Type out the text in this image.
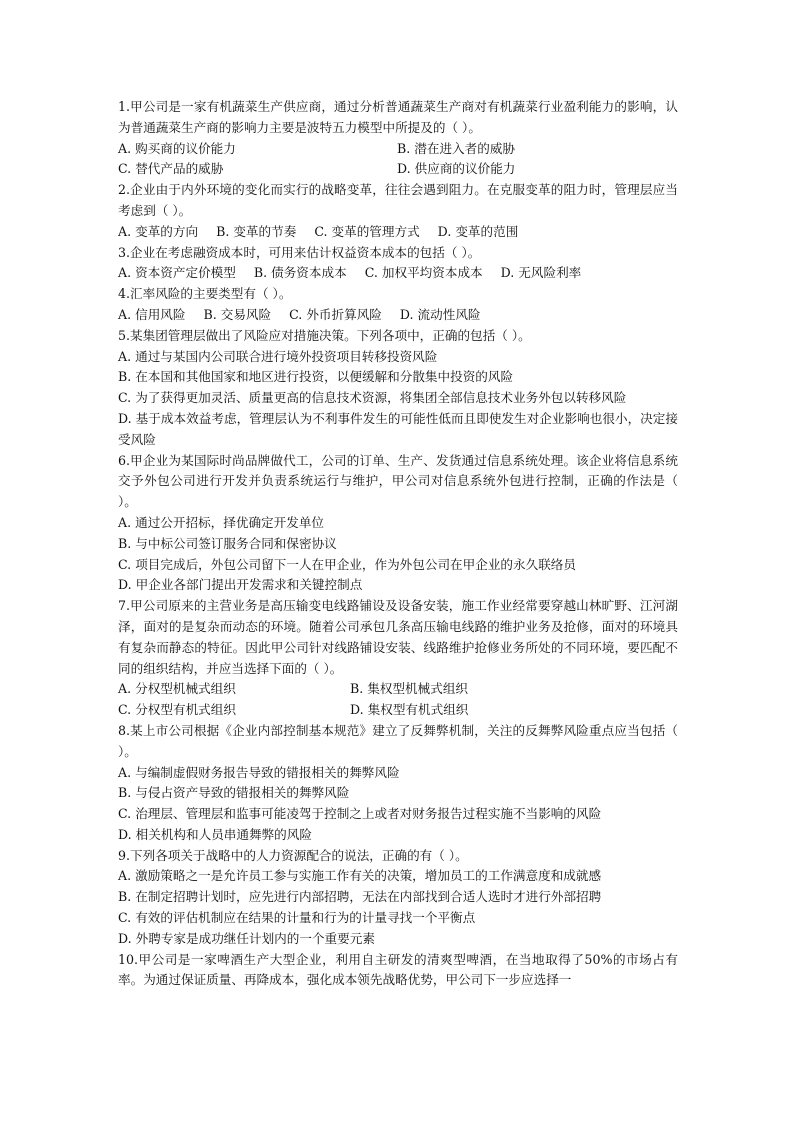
1.甲公司是一家有机蔬菜生产供应商，通过分析普通蔬菜生产商对有机蔬菜行业盈利能力的影响，认为普通蔬菜生产商的影响力主要是波特五力模型中所提及的（ ）。

A. 购买商的议价能力	B. 潜在进入者的威胁
C. 替代产品的威胁	D. 供应商的议价能力

2.企业由于内外环境的变化而实行的战略变革，往往会遇到阻力。在克服变革的阻力时，管理层应当考虑到（ ）。

A. 变革的方向 B. 变革的节奏 C. 变革的管理方式 D. 变革的范围

3.企业在考虑融资成本时，可用来估计权益资本成本的包括（ ）。

A. 资本资产定价模型 B. 债务资本成本 C. 加权平均资本成本 D. 无风险利率

4.汇率风险的主要类型有（ ）。

A. 信用风险 B. 交易风险 C. 外币折算风险 D. 流动性风险

5.某集团管理层做出了风险应对措施决策。下列各项中，正确的包括（ ）。

A. 通过与某国内公司联合进行境外投资项目转移投资风险

B. 在本国和其他国家和地区进行投资，以便缓解和分散集中投资的风险

C. 为了获得更加灵活、质量更高的信息技术资源，将集团全部信息技术业务外包以转移风险

D. 基于成本效益考虑，管理层认为不利事件发生的可能性低而且即使发生对企业影响也很小，决定接受风险

6.甲企业为某国际时尚品牌做代工，公司的订单、生产、发货通过信息系统处理。该企业将信息系统交予外包公司进行开发并负责系统运行与维护，甲公司对信息系统外包进行控制，正确的作法是（ ）。

A. 通过公开招标，择优确定开发单位

B. 与中标公司签订服务合同和保密协议

C. 项目完成后，外包公司留下一人在甲企业，作为外包公司在甲企业的永久联络员

D. 甲企业各部门提出开发需求和关键控制点

7.甲公司原来的主营业务是高压输变电线路铺设及设备安装，施工作业经常要穿越山林旷野、江河湖泽，面对的是复杂而动态的环境。随着公司承包几条高压输电线路的维护业务及抢修，面对的环境具有复杂而静态的特征。因此甲公司针对线路铺设安装、线路维护抢修业务所处的不同环境，要匹配不同的组织结构，并应当选择下面的（ ）。

A. 分权型机械式组织	B. 集权型机械式组织
C. 分权型有机式组织	D. 集权型有机式组织

8.某上市公司根据《企业内部控制基本规范》建立了反舞弊机制，关注的反舞弊风险重点应当包括（ ）。

A. 与编制虚假财务报告导致的错报相关的舞弊风险

B. 与侵占资产导致的错报相关的舞弊风险

C. 治理层、管理层和监事可能凌驾于控制之上或者对财务报告过程实施不当影响的风险

D. 相关机构和人员串通舞弊的风险

9.下列各项关于战略中的人力资源配合的说法，正确的有（ ）。

A. 激励策略之一是允许员工参与实施工作有关的决策，增加员工的工作满意度和成就感

B. 在制定招聘计划时，应先进行内部招聘，无法在内部找到合适人选时才进行外部招聘

C. 有效的评估机制应在结果的计量和行为的计量寻找一个平衡点

D. 外聘专家是成功继任计划内的一个重要元素

10.甲公司是一家啤酒生产大型企业，利用自主研发的清爽型啤酒，在当地取得了50%的市场占有率。为通过保证质量、再降成本，强化成本领先战略优势，甲公司下一步应选择一
